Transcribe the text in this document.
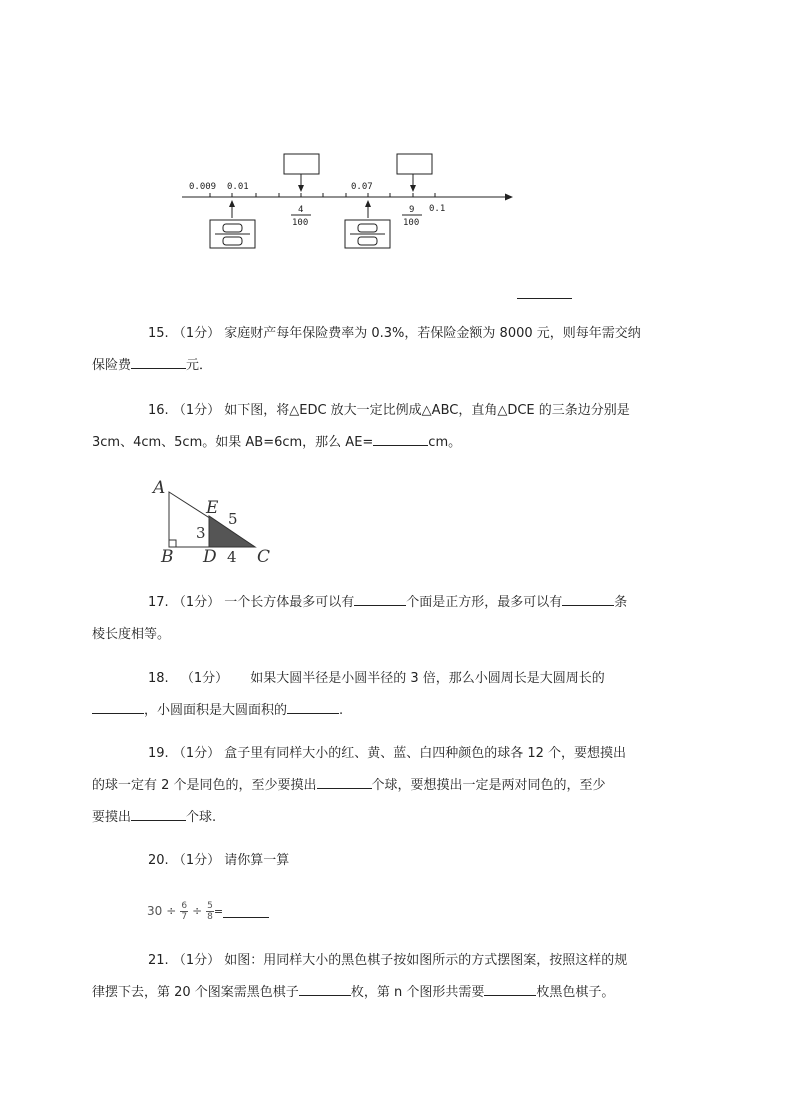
0.009 0.01	0.07
0.1
4
100
9
100
15. （1分） 家庭财产每年保险费率为 0.3%，若保险金额为 8000 元，则每年需交纳
保险费	元．
16. （1分） 如下图，将△EDC 放大一定比例成△ABC，直角△DCE 的三条边分别是
3cm、4cm、5cm。如果 AB=6cm，那么 AE=	cm。
A
E
B D C
3
5
4
17. （1分） 一个长方体最多可以有	个面是正方形，最多可以有	条
棱长度相等。
18. （1分） 如果大圆半径是小圆半径的 3 倍，那么小圆周长是大圆周长的
，小圆面积是大圆面积的	.
19. （1分） 盒子里有同样大小的红、黄、蓝、白四种颜色的球各 12 个，要想摸出
的球一定有 2 个是同色的，至少要摸出	个球，要想摸出一定是两对同色的，至少
要摸出	个球.
20. （1分） 请你算一算
$30 \div \frac{6}{7} \div \frac{5}{8}$ =
21. （1分） 如图：用同样大小的黑色棋子按如图所示的方式摆图案，按照这样的规
律摆下去，第 20 个图案需黑色棋子	枚，第 n 个图形共需要	枚黑色棋子。
